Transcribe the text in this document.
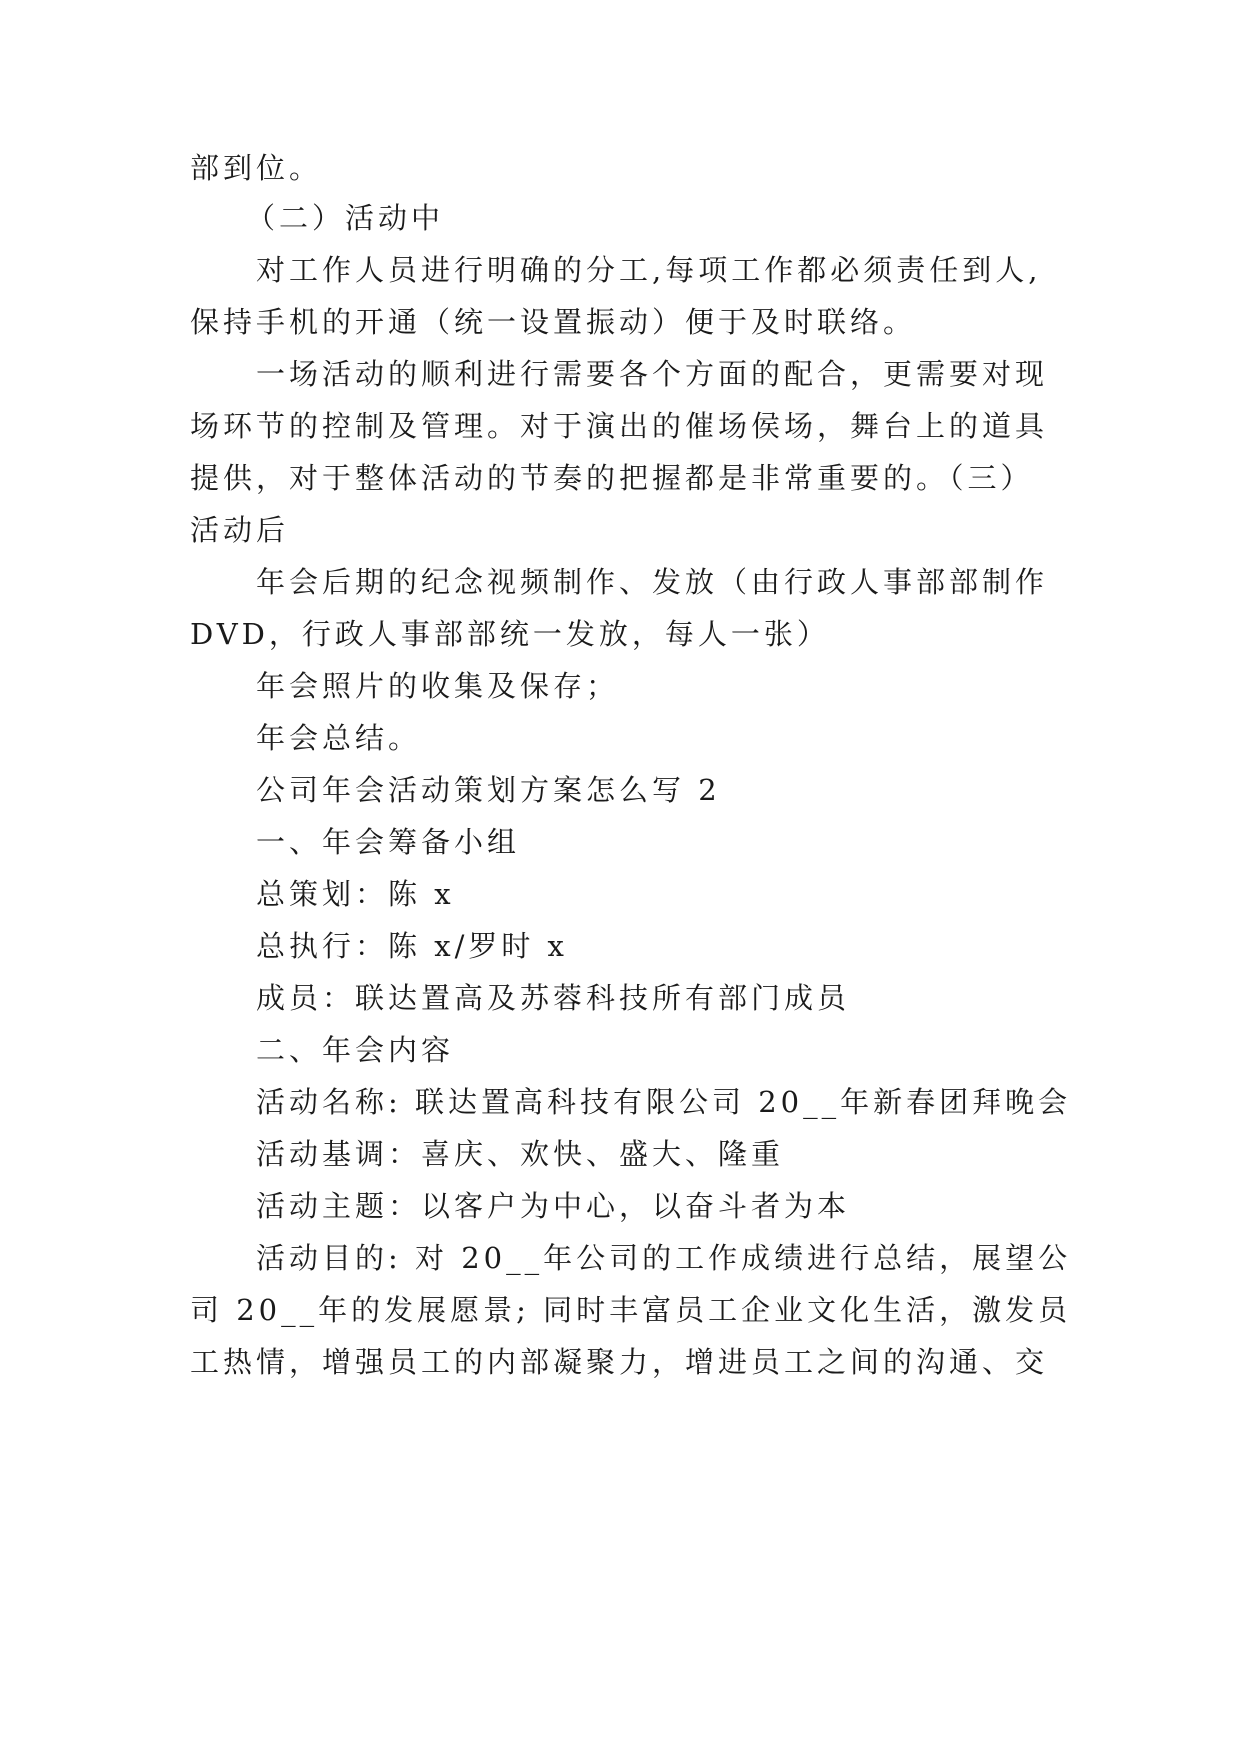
部到位。
（二）活动中
对工作人员进行明确的分工,每项工作都必须责任到人,
保持手机的开通（统一设置振动）便于及时联络。
一场活动的顺利进行需要各个方面的配合，更需要对现
场环节的控制及管理。对于演出的催场侯场，舞台上的道具
提供，对于整体活动的节奏的把握都是非常重要的。（三）
活动后
年会后期的纪念视频制作、发放（由行政人事部部制作
DVD，行政人事部部统一发放，每人一张）
年会照片的收集及保存；
年会总结。
公司年会活动策划方案怎么写 2
一、年会筹备小组
总策划：陈 x
总执行：陈 x/罗时 x
成员：联达置高及苏蓉科技所有部门成员
二、年会内容
活动名称: 联达置高科技有限公司 20__年新春团拜晚会
活动基调：喜庆、欢快、盛大、隆重
活动主题：以客户为中心，以奋斗者为本
活动目的: 对 20__年公司的工作成绩进行总结，展望公
司 20__年的发展愿景; 同时丰富员工企业文化生活，激发员
工热情，增强员工的内部凝聚力，增进员工之间的沟通、交
